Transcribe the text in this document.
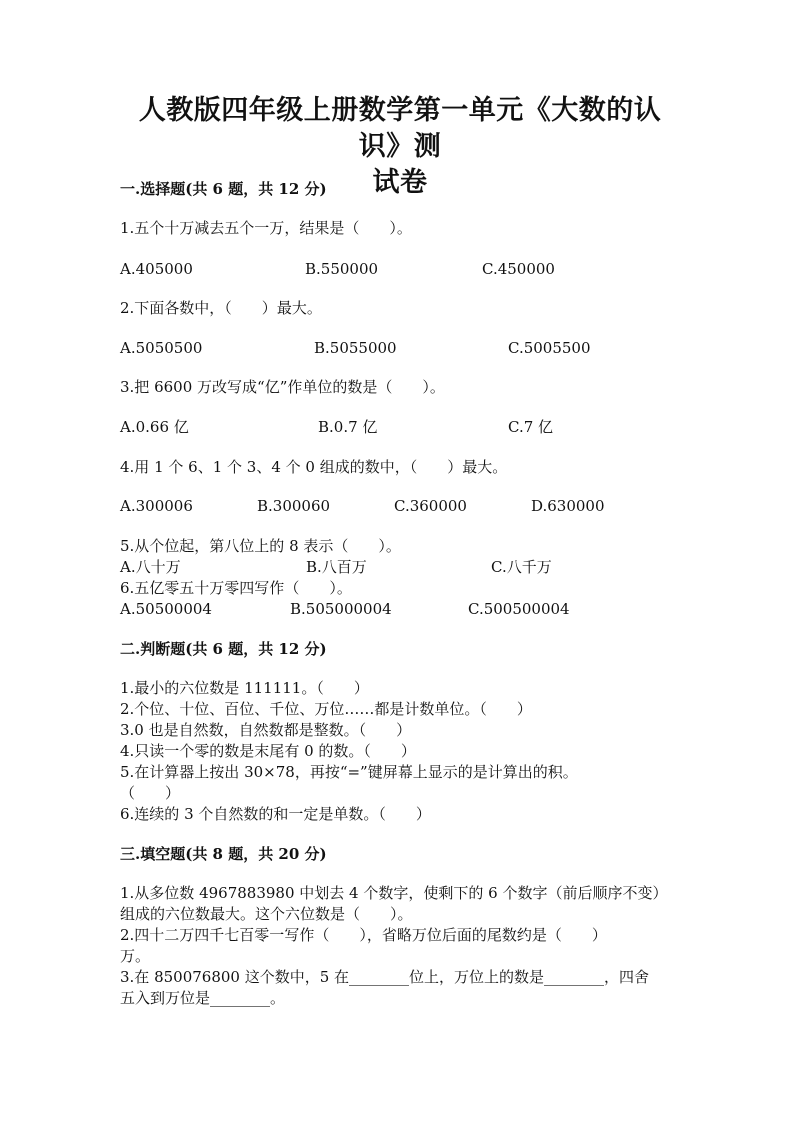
人教版四年级上册数学第一单元《大数的认识》测
试卷
一.选择题(共 6 题，共 12 分)
1.五个十万减去五个一万，结果是（　　）。
A.405000	B.550000	C.450000
2.下面各数中，（　　）最大。
A.5050500	B.5055000	C.5005500
3.把 6600 万改写成“亿”作单位的数是（　　）。
A.0.66 亿	B.0.7 亿	C.7 亿
4.用 1 个 6、1 个 3、4 个 0 组成的数中，（　　）最大。
A.300006	B.300060	C.360000	D.630000
5.从个位起，第八位上的 8 表示（　　）。
A.八十万	B.八百万	C.八千万
6.五亿零五十万零四写作（　　）。
A.50500004	B.505000004	C.500500004
二.判断题(共 6 题，共 12 分)
1.最小的六位数是 111111。（　　）
2.个位、十位、百位、千位、万位……都是计数单位。（　　）
3.0 也是自然数，自然数都是整数。（　　）
4.只读一个零的数是末尾有 0 的数。（　　）
5.在计算器上按出 30×78，再按“=”键屏幕上显示的是计算出的积。
（　　）
6.连续的 3 个自然数的和一定是单数。（　　）
三.填空题(共 8 题，共 20 分)
1.从多位数 4967883980 中划去 4 个数字，使剩下的 6 个数字（前后顺序不变）
组成的六位数最大。这个六位数是（　　）。
2.四十二万四千七百零一写作（　　），省略万位后面的尾数约是（　　）
万。
3.在 850076800 这个数中，5 在________位上，万位上的数是________，四舍
五入到万位是________。
